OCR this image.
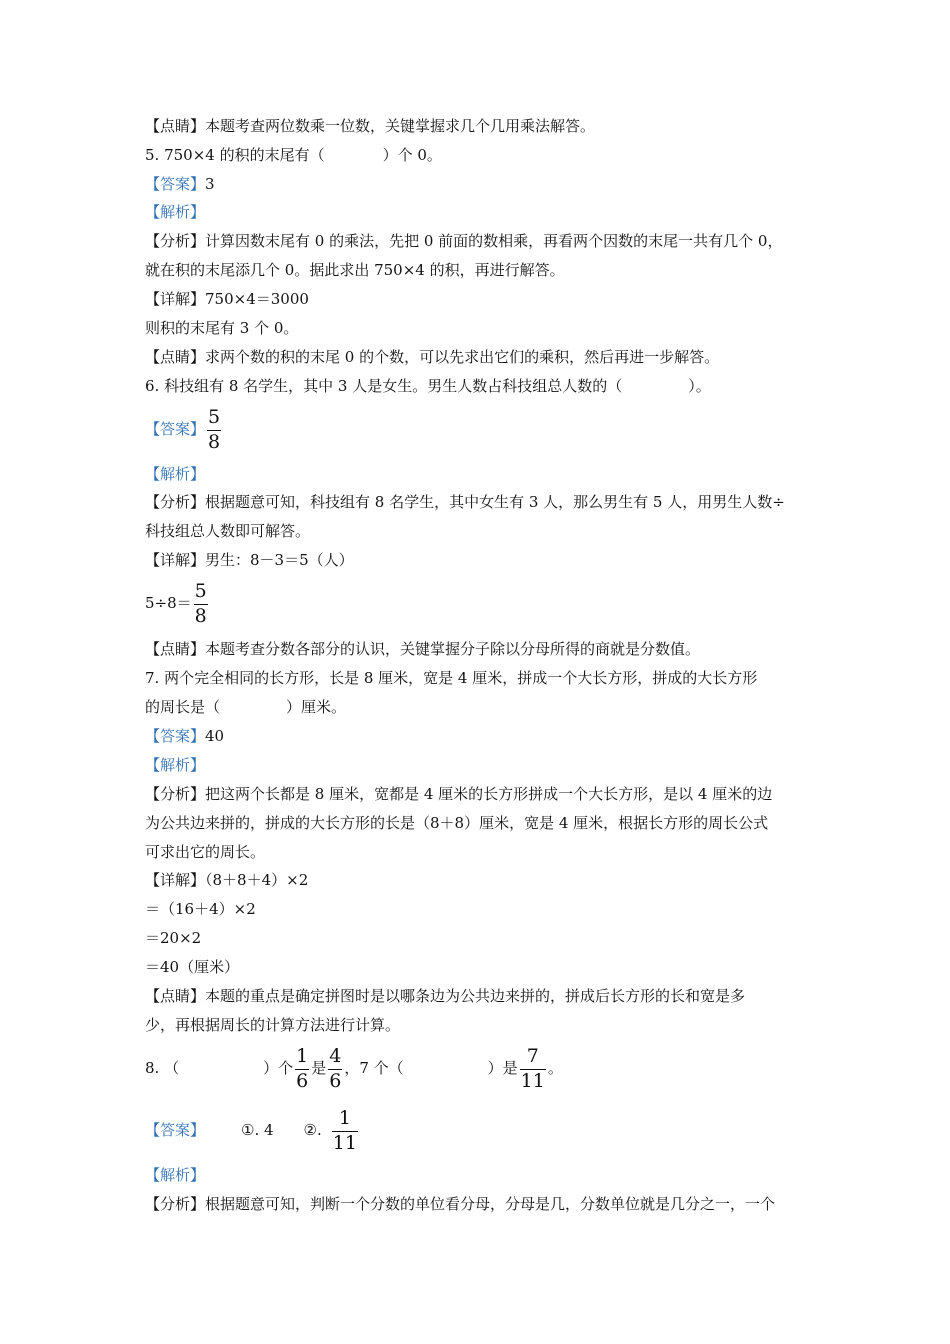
【点睛】本题考查两位数乘一位数，关键掌握求几个几用乘法解答。
5. 750×4 的积的末尾有（	）个 0。
【答案】3
【解析】
【分析】计算因数末尾有 0 的乘法，先把 0 前面的数相乘，再看两个因数的末尾一共有几个 0，
就在积的末尾添几个 0。据此求出 750×4 的积，再进行解答。
【详解】750×4＝3000
则积的末尾有 3 个 0。
【点睛】求两个数的积的末尾 0 的个数，可以先求出它们的乘积，然后再进一步解答。
6. 科技组有 8 名学生，其中 3 人是女生。男生人数占科技组总人数的（	）。
【答案】 $\frac{5}{8}$
【解析】
【分析】根据题意可知，科技组有 8 名学生，其中女生有 3 人，那么男生有 5 人，用男生人数÷
科技组总人数即可解答。
【详解】男生：8－3＝5（人）
$5\div 8= \frac{5}{8}$
【点睛】本题考查分数各部分的认识，关键掌握分子除以分母所得的商就是分数值。
7. 两个完全相同的长方形，长是 8 厘米，宽是 4 厘米，拼成一个大长方形，拼成的大长方形
的周长是（	）厘米。
【答案】40
【解析】
【分析】把这两个长都是 8 厘米，宽都是 4 厘米的长方形拼成一个大长方形，是以 4 厘米的边
为公共边来拼的，拼成的大长方形的长是（8＋8）厘米，宽是 4 厘米，根据长方形的周长公式
可求出它的周长。
【详解】（8＋8＋4）×2
＝（16＋4）×2
＝20×2
＝40（厘米）
【点睛】本题的重点是确定拼图时是以哪条边为公共边来拼的，拼成后长方形的长和宽是多
少，再根据周长的计算方法进行计算。
8. （	）个 $\frac{1}{6}$ 是 $\frac{4}{6}$ ，7 个（	）是 $\frac{7}{11}$ 。
【答案】 ①. 4 ②. $\frac{1}{11}$
【解析】
【分析】根据题意可知，判断一个分数的单位看分母，分母是几，分数单位就是几分之一，一个
